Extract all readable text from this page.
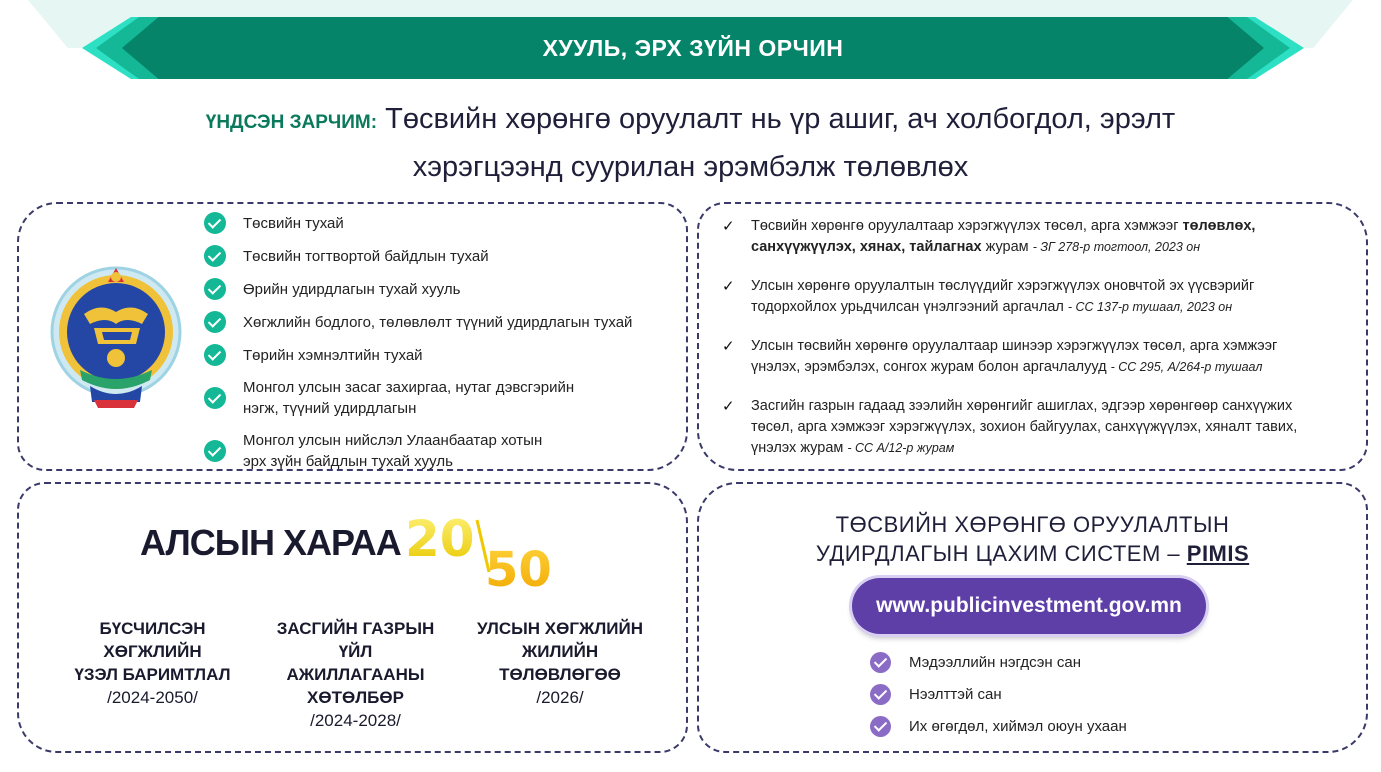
ХУУЛЬ, ЭРХ ЗҮЙН ОРЧИН
ҮНДСЭН ЗАРЧИМ: Төсвийн хөрөнгө оруулалт нь үр ашиг, ач холбогдол, эрэлт
хэрэгцээнд суурилан эрэмбэлж төлөвлөх
Төсвийн тухай
Төсвийн тогтвортой байдлын тухай
Өрийн удирдлагын тухай хууль
Хөгжлийн бодлого, төлөвлөлт түүний удирдлагын тухай
Төрийн хэмнэлтийн тухай
Монгол улсын засаг захиргаа, нутаг дэвсгэрийн
нэгж, түүний удирдлагын
Монгол улсын нийслэл Улаанбаатар хотын
эрх зүйн байдлын тухай хууль
✓	Төсвийн хөрөнгө оруулалтаар хэрэгжүүлэх төсөл, арга хэмжээг төлөвлөх,
санхүүжүүлэх, хянах, тайлагнах журам - ЗГ 278-р тогтоол, 2023 он
✓	Улсын хөрөнгө оруулалтын төслүүдийг хэрэгжүүлэх оновчтой эх үүсвэрийг
тодорхойлох урьдчилсан үнэлгээний аргачлал - СС 137-р тушаал, 2023 он
✓	Улсын төсвийн хөрөнгө оруулалтаар шинээр хэрэгжүүлэх төсөл, арга хэмжээг
үнэлэх, эрэмбэлэх, сонгох журам болон аргачлалууд - СС 295, А/264-р тушаал
✓	Засгийн газрын гадаад зээлийн хөрөнгийг ашиглах, эдгээр хөрөнгөөр санхүүжих
төсөл, арга хэмжээг хэрэгжүүлэх, зохион байгуулах, санхүүжүүлэх, хяналт тавих,
үнэлэх журам - СС А/12-р журам
АЛСЫН ХАРАА 20
50
БҮСЧИЛСЭН
ХӨГЖЛИЙН
ҮЗЭЛ БАРИМТЛАЛ
/2024-2050/
ЗАСГИЙН ГАЗРЫН
ҮЙЛ
АЖИЛЛАГААНЫ
ХӨТӨЛБӨР
/2024-2028/
УЛСЫН ХӨГЖЛИЙН
ЖИЛИЙН
ТӨЛӨВЛӨГӨӨ
/2026/
ТӨСВИЙН ХӨРӨНГӨ ОРУУЛАЛТЫН
УДИРДЛАГЫН ЦАХИМ СИСТЕМ – PIMIS
www.publicinvestment.gov.mn
Мэдээллийн нэгдсэн сан
Нээлттэй сан
Их өгөгдөл, хиймэл оюун ухаан
